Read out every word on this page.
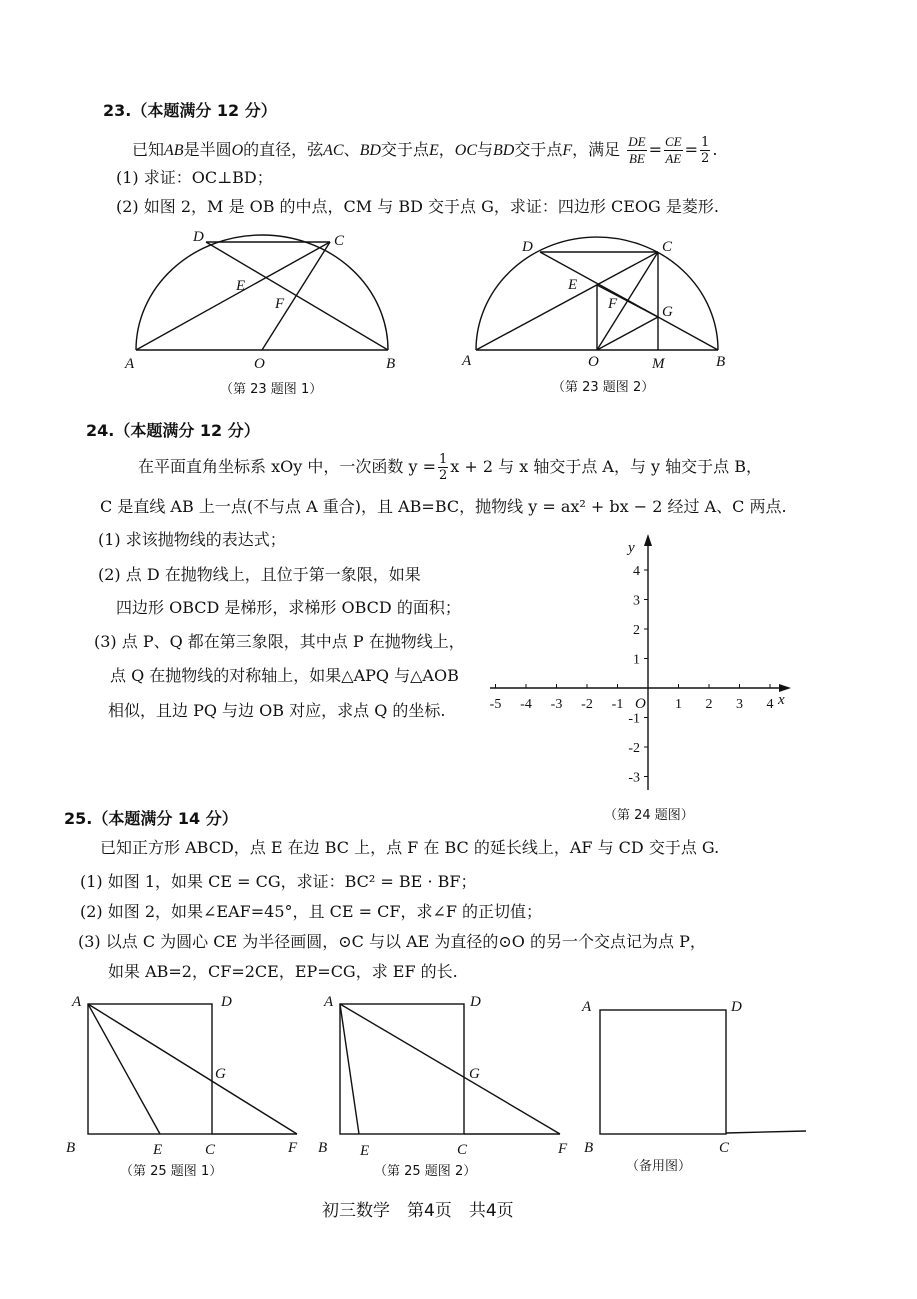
23.（本题满分 12 分）
已知AB是半圆O的直径，弦AC、BD交于点E，OC与BD交于点F，满足 $\frac{DE}{BE} = \frac{CE}{AE} = \frac{1}{2}$ .
(1) 求证：OC⊥BD；
(2) 如图 2，M 是 OB 的中点，CM 与 BD 交于点 G，求证：四边形 CEOG 是菱形.
D	C
E
F
A	O	B
（第 23 题图 1）
D	C
E
F	G
A	O	M	B
（第 23 题图 2）
24.（本题满分 12 分）
在平面直角坐标系 xOy 中，一次函数 $y = \frac{1}{2}$ x + 2 与 x 轴交于点 A，与 y 轴交于点 B，
C 是直线 AB 上一点(不与点 A 重合)，且 AB=BC，抛物线 y = ax² + bx − 2 经过 A、C 两点.
(1) 求该抛物线的表达式；
(2) 点 D 在抛物线上，且位于第一象限，如果
四边形 OBCD 是梯形，求梯形 OBCD 的面积；
(3) 点 P、Q 都在第三象限，其中点 P 在抛物线上，
点 Q 在抛物线的对称轴上，如果△APQ 与△AOB
相似，且边 PQ 与边 OB 对应，求点 Q 的坐标.	-5 -4 -3 -2 -1	1 2 3 4
4
3
2
1
-1
-2
-3
y
x
O
（第 24 题图）
25.（本题满分 14 分）
已知正方形 ABCD，点 E 在边 BC 上，点 F 在 BC 的延长线上，AF 与 CD 交于点 G.
(1) 如图 1，如果 CE = CG，求证：BC² = BE · BF；
(2) 如图 2，如果∠EAF=45°，且 CE = CF，求∠F 的正切值；
(3) 以点 C 为圆心 CE 为半径画圆，⊙C 与以 AE 为直径的⊙O 的另一个交点记为点 P，
如果 AB=2，CF=2CE，EP=CG，求 EF 的长.
A	D
G
B	E	C	F
（第 25 题图 1）
A	D
G
B E	C	F
（第 25 题图 2）
A	D
B	C
（备用图）
初三数学　第4页　共4页
